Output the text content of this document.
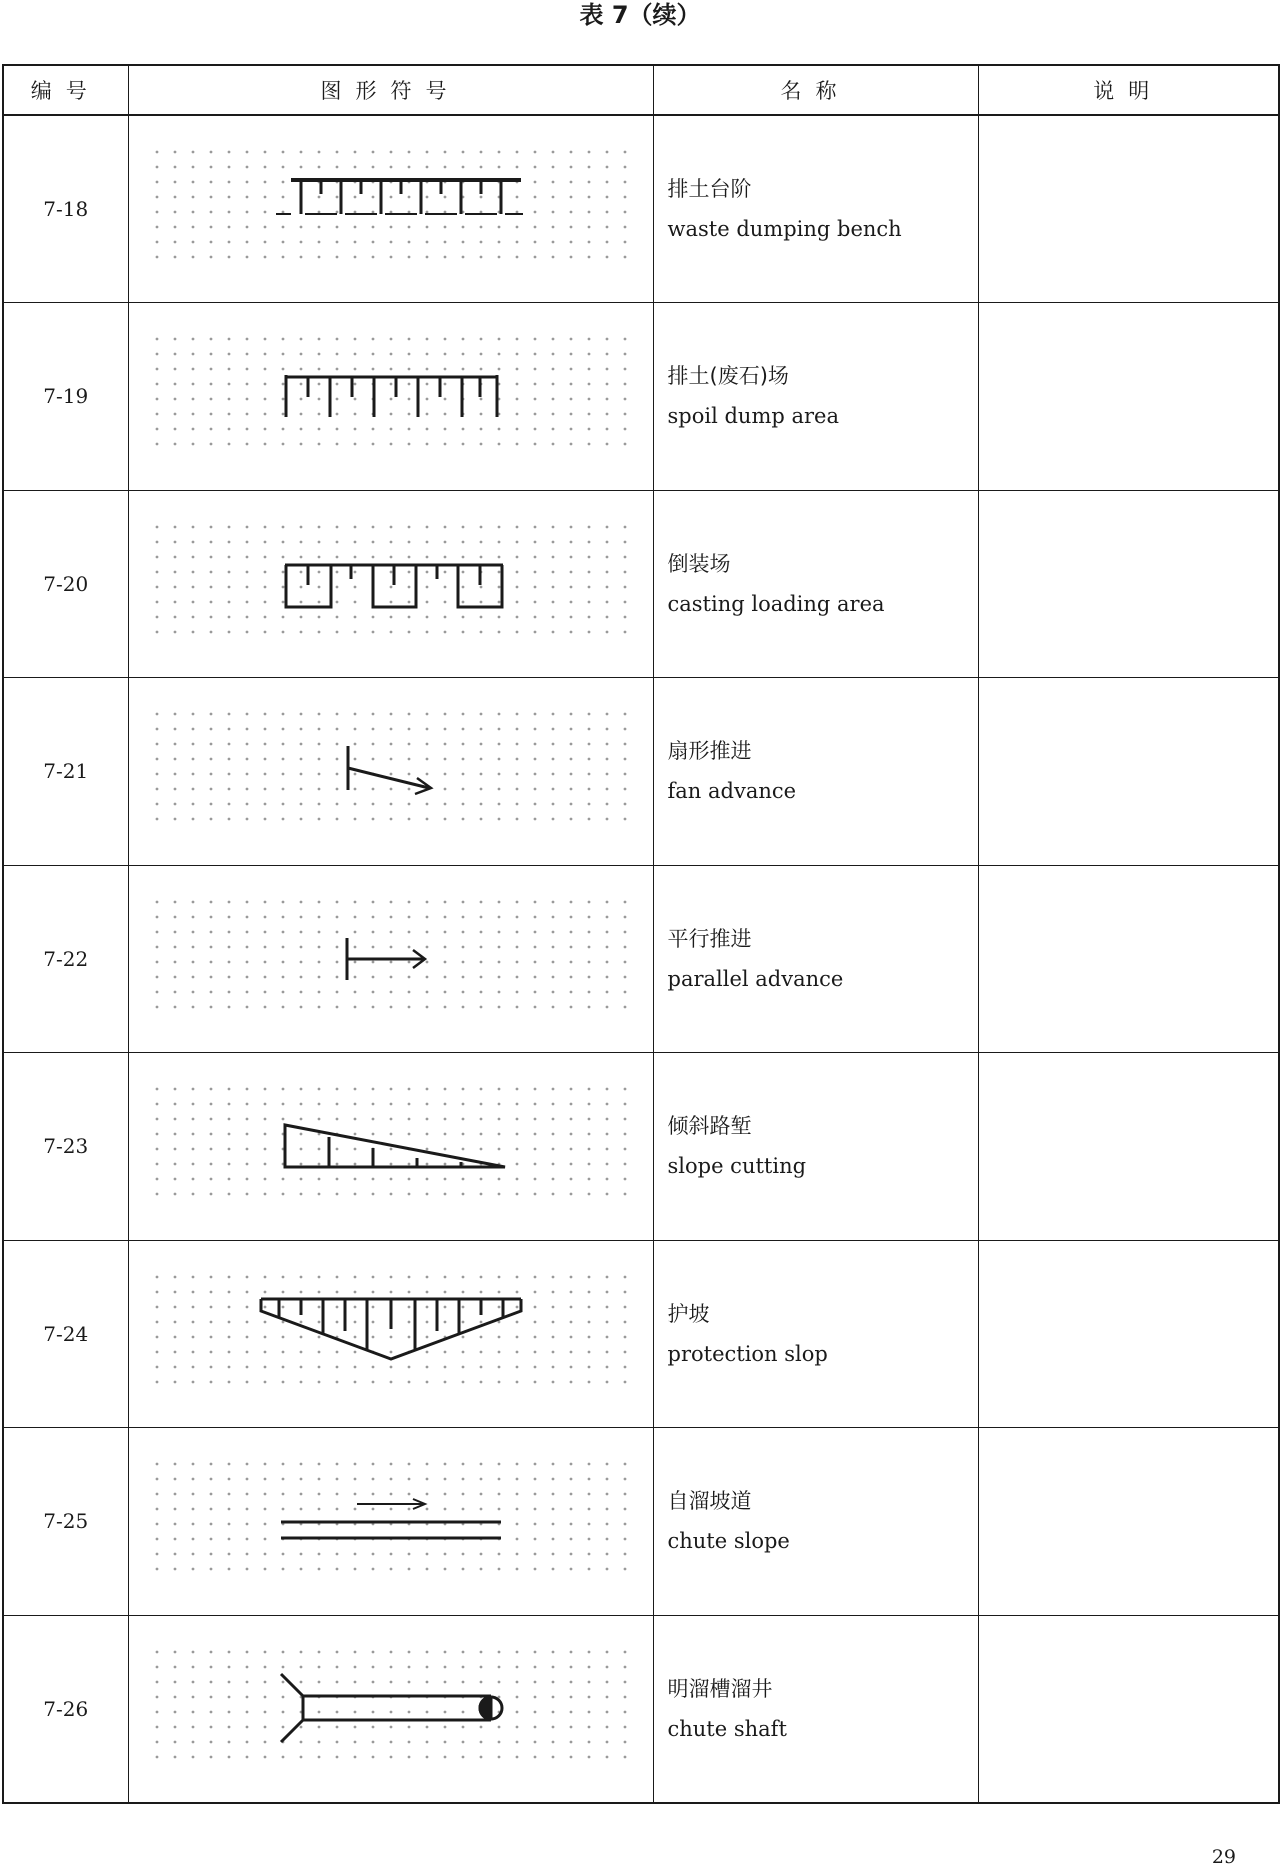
表 7（续）
编号	图形符号	名称	说明
7-18		排土台阶
waste dumping bench	

7-19		排土(废石)场
spoil dump area	

7-20		倒装场
casting loading area	

7-21		扇形推进
fan advance	

7-22		平行推进
parallel advance	

7-23		倾斜路堑
slope cutting	

7-24		护坡
protection slop	

7-25		自溜坡道
chute slope	

7-26		明溜槽溜井
chute shaft	

29
